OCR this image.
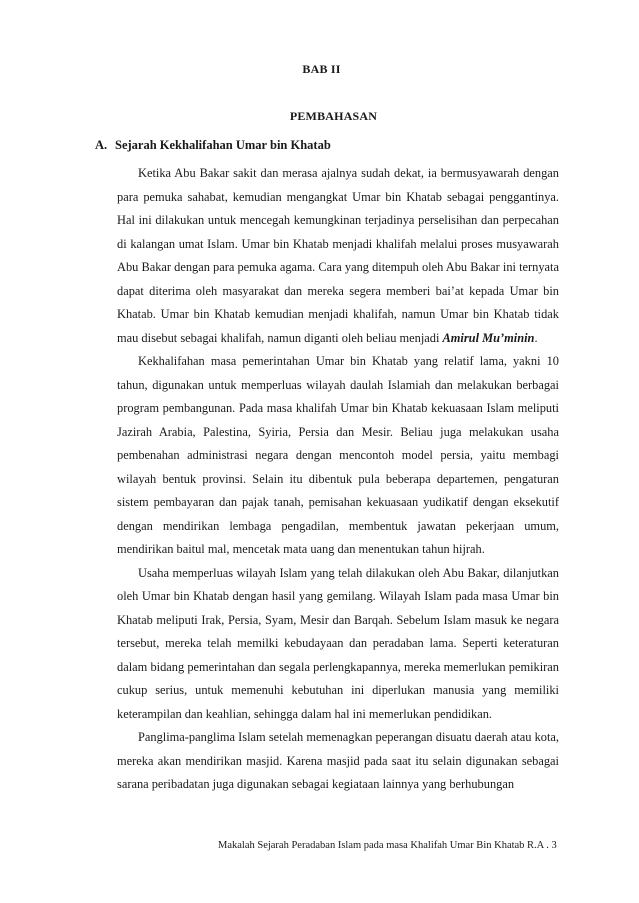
BAB II
PEMBAHASAN
A. Sejarah Kekhalifahan Umar bin Khatab

Ketika Abu Bakar sakit dan merasa ajalnya sudah dekat, ia bermusyawarah dengan para pemuka sahabat, kemudian mengangkat Umar bin Khatab sebagai penggantinya. Hal ini dilakukan untuk mencegah kemungkinan terjadinya perselisihan dan perpecahan di kalangan umat Islam. Umar bin Khatab menjadi khalifah melalui proses musyawarah Abu Bakar dengan para pemuka agama. Cara yang ditempuh oleh Abu Bakar ini ternyata dapat diterima oleh masyarakat dan mereka segera memberi bai’at kepada Umar bin Khatab. Umar bin Khatab kemudian menjadi khalifah, namun Umar bin Khatab tidak mau disebut sebagai khalifah, namun diganti oleh beliau menjadi Amirul Mu’minin.

Kekhalifahan masa pemerintahan Umar bin Khatab yang relatif lama, yakni 10 tahun, digunakan untuk memperluas wilayah daulah Islamiah dan melakukan berbagai program pembangunan. Pada masa khalifah Umar bin Khatab kekuasaan Islam meliputi Jazirah Arabia, Palestina, Syiria, Persia dan Mesir. Beliau juga melakukan usaha pembenahan administrasi negara dengan mencontoh model persia, yaitu membagi wilayah bentuk provinsi. Selain itu dibentuk pula beberapa departemen, pengaturan sistem pembayaran dan pajak tanah, pemisahan kekuasaan yudikatif dengan eksekutif dengan mendirikan lembaga pengadilan, membentuk jawatan pekerjaan umum, mendirikan baitul mal, mencetak mata uang dan menentukan tahun hijrah.

Usaha memperluas wilayah Islam yang telah dilakukan oleh Abu Bakar, dilanjutkan oleh Umar bin Khatab dengan hasil yang gemilang. Wilayah Islam pada masa Umar bin Khatab meliputi Irak, Persia, Syam, Mesir dan Barqah. Sebelum Islam masuk ke negara tersebut, mereka telah memilki kebudayaan dan peradaban lama. Seperti keteraturan dalam bidang pemerintahan dan segala perlengkapannya, mereka memerlukan pemikiran cukup serius, untuk memenuhi kebutuhan ini diperlukan manusia yang memiliki keterampilan dan keahlian, sehingga dalam hal ini memerlukan pendidikan.

Panglima-panglima Islam setelah memenagkan peperangan disuatu daerah atau kota, mereka akan mendirikan masjid. Karena masjid pada saat itu selain digunakan sebagai sarana peribadatan juga digunakan sebagai kegiataan lainnya yang berhubungan

Makalah Sejarah Peradaban Islam pada masa Khalifah Umar Bin Khatab R.A . 3
